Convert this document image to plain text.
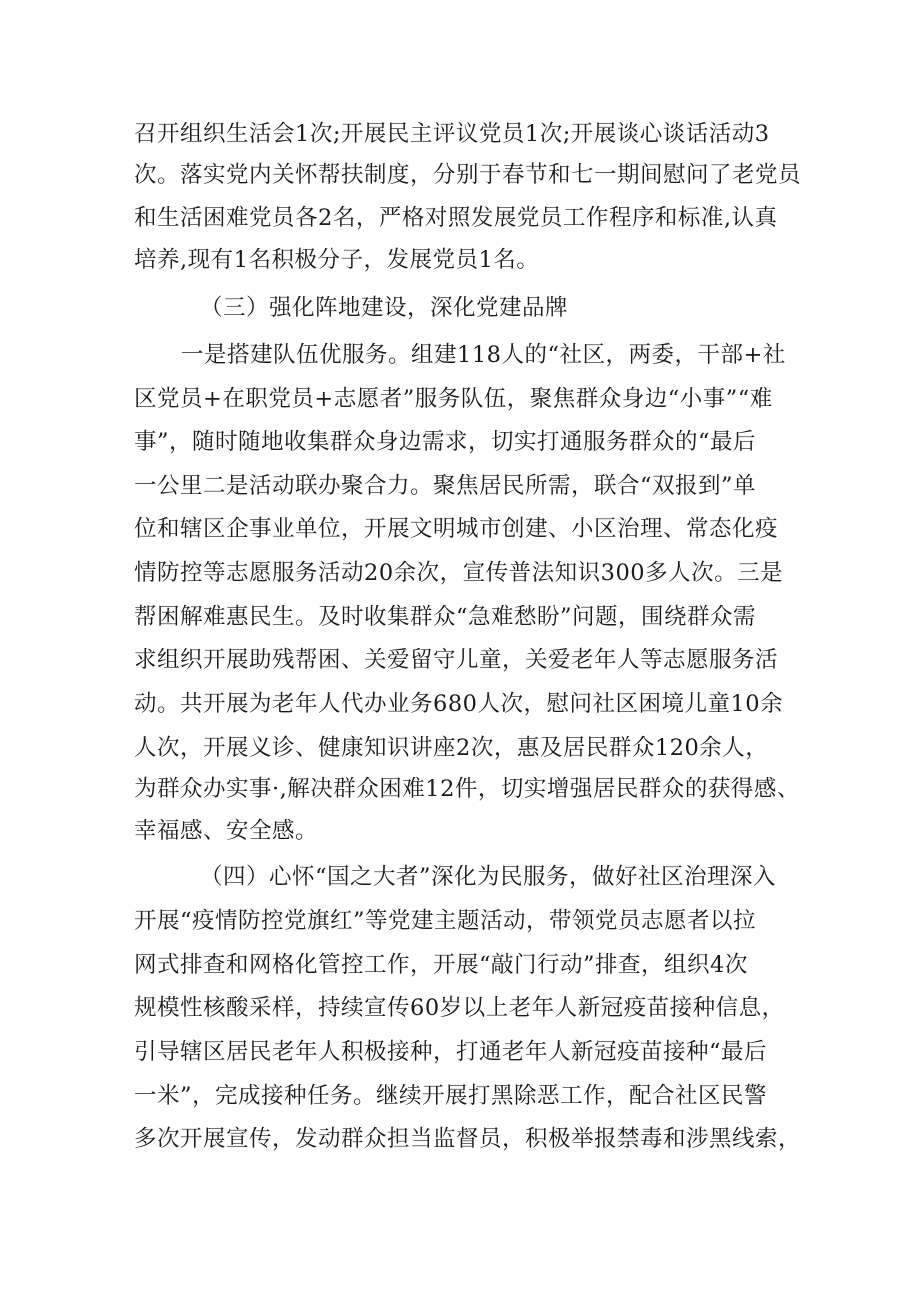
召开组织生活会1次;开展民主评议党员1次;开展谈心谈话活动3
次。落实党内关怀帮扶制度，分别于春节和七一期间慰问了老党员
和生活困难党员各2名，严格对照发展党员工作程序和标准,认真
培养,现有1名积极分子，发展党员1名。
（三）强化阵地建设，深化党建品牌
一是搭建队伍优服务。组建118人的“社区，两委，干部+社
区党员+在职党员+志愿者”服务队伍，聚焦群众身边“小事”“难
事”，随时随地收集群众身边需求，切实打通服务群众的“最后
一公里二是活动联办聚合力。聚焦居民所需，联合“双报到”单
位和辖区企事业单位，开展文明城市创建、小区治理、常态化疫
情防控等志愿服务活动20余次，宣传普法知识300多人次。三是
帮困解难惠民生。及时收集群众“急难愁盼”问题，围绕群众需
求组织开展助残帮困、关爱留守儿童，关爱老年人等志愿服务活
动。共开展为老年人代办业务680人次，慰问社区困境儿童10余
人次，开展义诊、健康知识讲座2次，惠及居民群众120余人，
为群众办实事·,解决群众困难12件，切实增强居民群众的获得感、
幸福感、安全感。
（四）心怀“国之大者”深化为民服务，做好社区治理深入
开展“疫情防控党旗红”等党建主题活动，带领党员志愿者以拉
网式排查和网格化管控工作，开展“敲门行动”排查，组织4次
规模性核酸采样，持续宣传60岁以上老年人新冠疫苗接种信息，
引导辖区居民老年人积极接种，打通老年人新冠疫苗接种“最后
一米”，完成接种任务。继续开展打黑除恶工作，配合社区民警
多次开展宣传，发动群众担当监督员，积极举报禁毒和涉黑线索，
